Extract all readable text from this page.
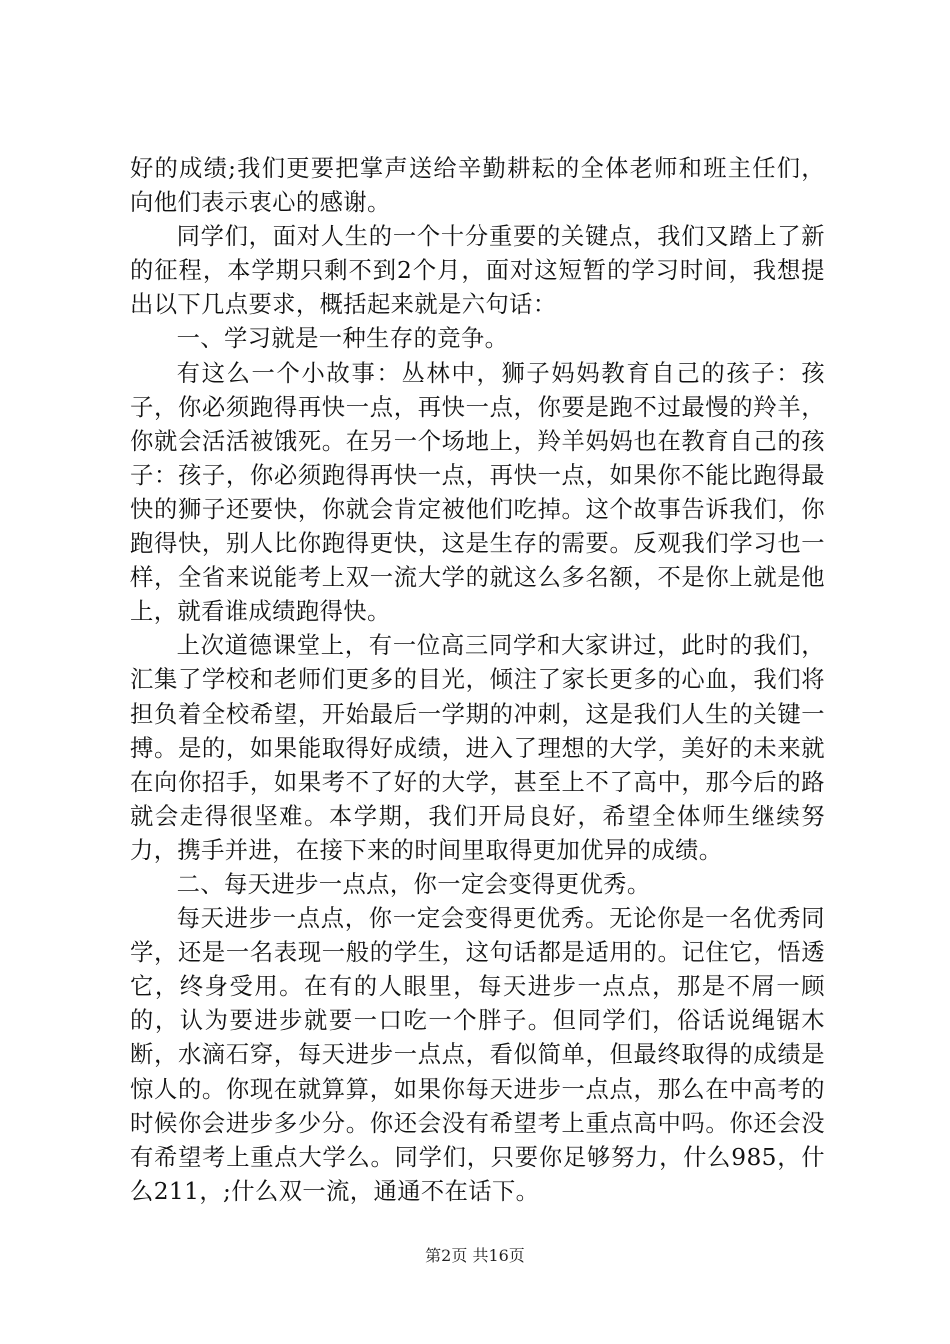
好的成绩;我们更要把掌声送给辛勤耕耘的全体老师和班主任们，向他们表示衷心的感谢。

同学们，面对人生的一个十分重要的关键点，我们又踏上了新的征程，本学期只剩不到2个月，面对这短暂的学习时间，我想提出以下几点要求，概括起来就是六句话：

一、学习就是一种生存的竞争。

有这么一个小故事：丛林中，狮子妈妈教育自己的孩子：孩子，你必须跑得再快一点，再快一点，你要是跑不过最慢的羚羊，你就会活活被饿死。在另一个场地上，羚羊妈妈也在教育自己的孩子：孩子，你必须跑得再快一点，再快一点，如果你不能比跑得最快的狮子还要快，你就会肯定被他们吃掉。这个故事告诉我们，你跑得快，别人比你跑得更快，这是生存的需要。反观我们学习也一样，全省来说能考上双一流大学的就这么多名额，不是你上就是他上，就看谁成绩跑得快。

上次道德课堂上，有一位高三同学和大家讲过，此时的我们，汇集了学校和老师们更多的目光，倾注了家长更多的心血，我们将担负着全校希望，开始最后一学期的冲刺，这是我们人生的关键一搏。是的，如果能取得好成绩，进入了理想的大学，美好的未来就在向你招手，如果考不了好的大学，甚至上不了高中，那今后的路就会走得很坚难。本学期，我们开局良好，希望全体师生继续努力，携手并进，在接下来的时间里取得更加优异的成绩。

二、每天进步一点点，你一定会变得更优秀。

每天进步一点点，你一定会变得更优秀。无论你是一名优秀同学，还是一名表现一般的学生，这句话都是适用的。记住它，悟透它，终身受用。在有的人眼里，每天进步一点点，那是不屑一顾的，认为要进步就要一口吃一个胖子。但同学们，俗话说绳锯木断，水滴石穿，每天进步一点点，看似简单，但最终取得的成绩是惊人的。你现在就算算，如果你每天进步一点点，那么在中高考的时候你会进步多少分。你还会没有希望考上重点高中吗。你还会没有希望考上重点大学么。同学们，只要你足够努力，什么985，什么211，;什么双一流，通通不在话下。

第2页 共16页
